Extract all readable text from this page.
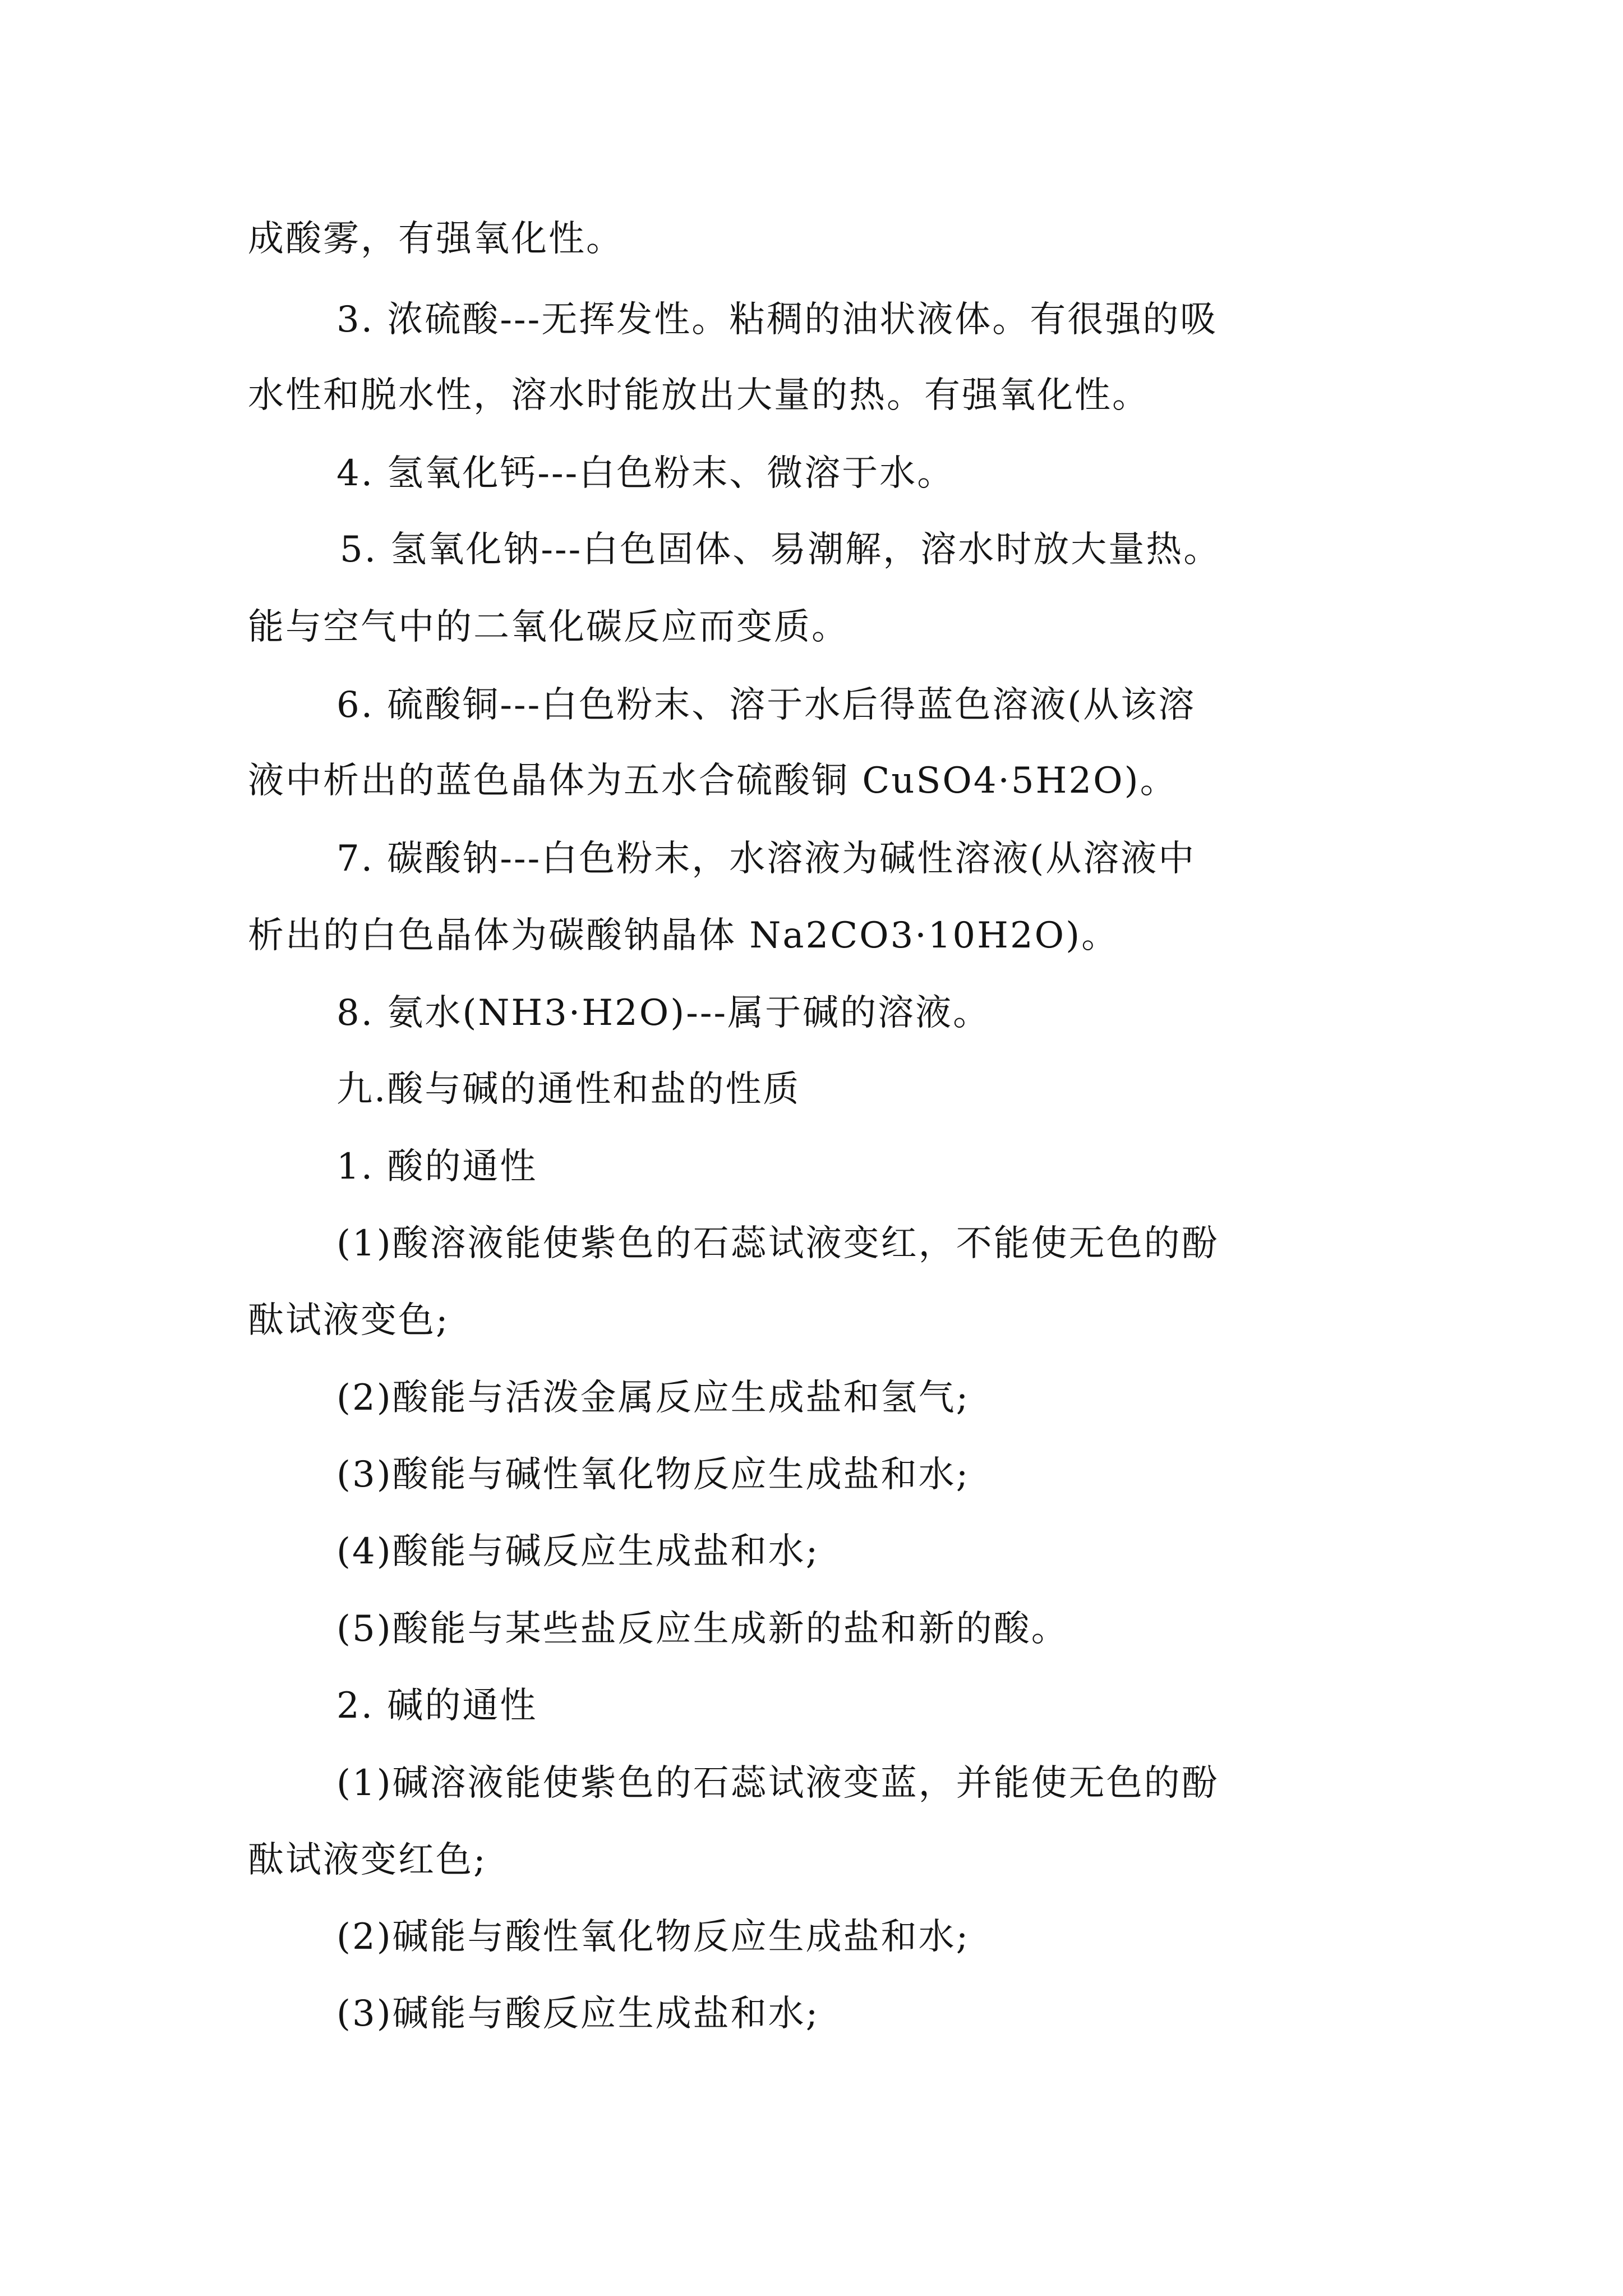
成酸雾，有强氧化性。

3. 浓硫酸---无挥发性。粘稠的油状液体。有很强的吸

水性和脱水性，溶水时能放出大量的热。有强氧化性。

4. 氢氧化钙---白色粉末、微溶于水。

5. 氢氧化钠---白色固体、易潮解，溶水时放大量热。

能与空气中的二氧化碳反应而变质。

6. 硫酸铜---白色粉末、溶于水后得蓝色溶液(从该溶

液中析出的蓝色晶体为五水合硫酸铜 CuSO4·5H2O)。

7. 碳酸钠---白色粉末，水溶液为碱性溶液(从溶液中

析出的白色晶体为碳酸钠晶体 Na2CO3·10H2O)。

8. 氨水(NH3·H2O)---属于碱的溶液。

九.酸与碱的通性和盐的性质

1. 酸的通性

(1)酸溶液能使紫色的石蕊试液变红，不能使无色的酚

酞试液变色;

(2)酸能与活泼金属反应生成盐和氢气;

(3)酸能与碱性氧化物反应生成盐和水;

(4)酸能与碱反应生成盐和水;

(5)酸能与某些盐反应生成新的盐和新的酸。

2. 碱的通性

(1)碱溶液能使紫色的石蕊试液变蓝，并能使无色的酚

酞试液变红色;

(2)碱能与酸性氧化物反应生成盐和水;

(3)碱能与酸反应生成盐和水;
